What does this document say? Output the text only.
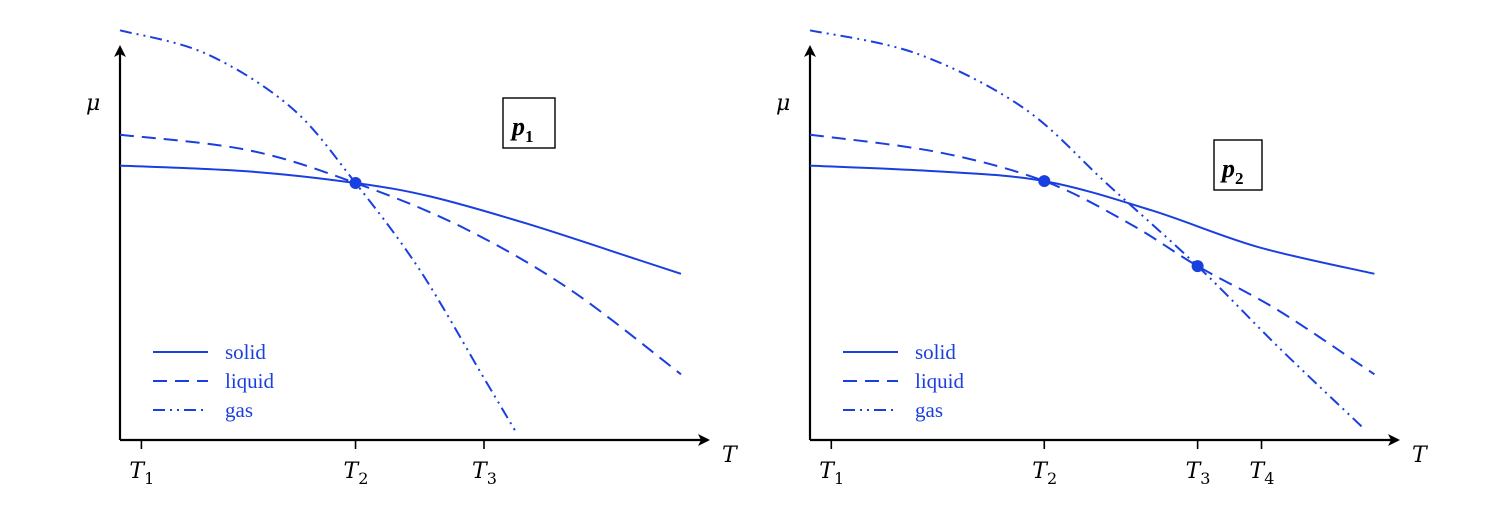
μ
T
$T_1$	$T_2$	$T_3$
$p_1$
solid
liquid
gas
μ
T
$T_1$	$T_2$	$T_3$ $T_4$
$p_2$
solid
liquid
gas
